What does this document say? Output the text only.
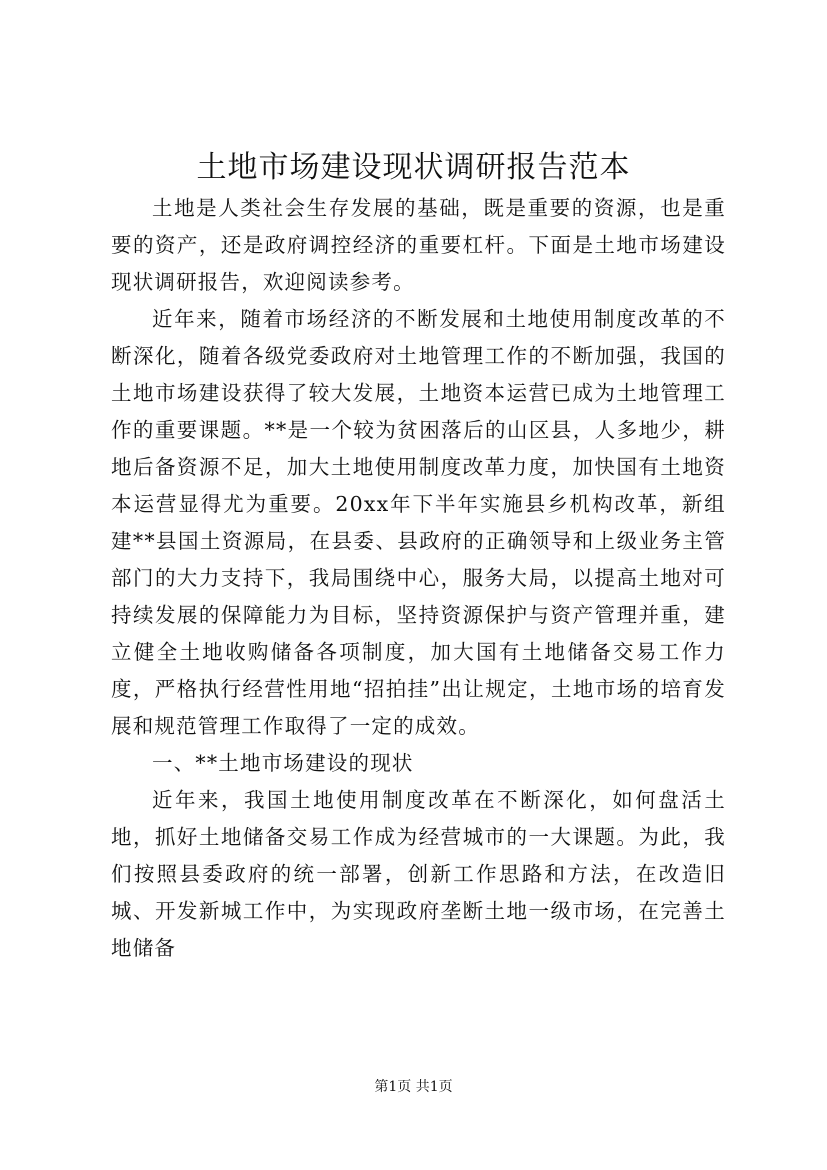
土地市场建设现状调研报告范本

土地是人类社会生存发展的基础，既是重要的资源，也是重要的资产，还是政府调控经济的重要杠杆。下面是土地市场建设现状调研报告，欢迎阅读参考。

近年来，随着市场经济的不断发展和土地使用制度改革的不断深化，随着各级党委政府对土地管理工作的不断加强，我国的土地市场建设获得了较大发展，土地资本运营已成为土地管理工作的重要课题。**是一个较为贫困落后的山区县，人多地少，耕地后备资源不足，加大土地使用制度改革力度，加快国有土地资本运营显得尤为重要。20xx年下半年实施县乡机构改革，新组建**县国土资源局，在县委、县政府的正确领导和上级业务主管部门的大力支持下，我局围绕中心，服务大局，以提高土地对可持续发展的保障能力为目标，坚持资源保护与资产管理并重，建立健全土地收购储备各项制度，加大国有土地储备交易工作力度，严格执行经营性用地“招拍挂”出让规定，土地市场的培育发展和规范管理工作取得了一定的成效。

一、**土地市场建设的现状

近年来，我国土地使用制度改革在不断深化，如何盘活土地，抓好土地储备交易工作成为经营城市的一大课题。为此，我们按照县委政府的统一部署，创新工作思路和方法，在改造旧城、开发新城工作中，为实现政府垄断土地一级市场，在完善土地储备

第1页 共1页
